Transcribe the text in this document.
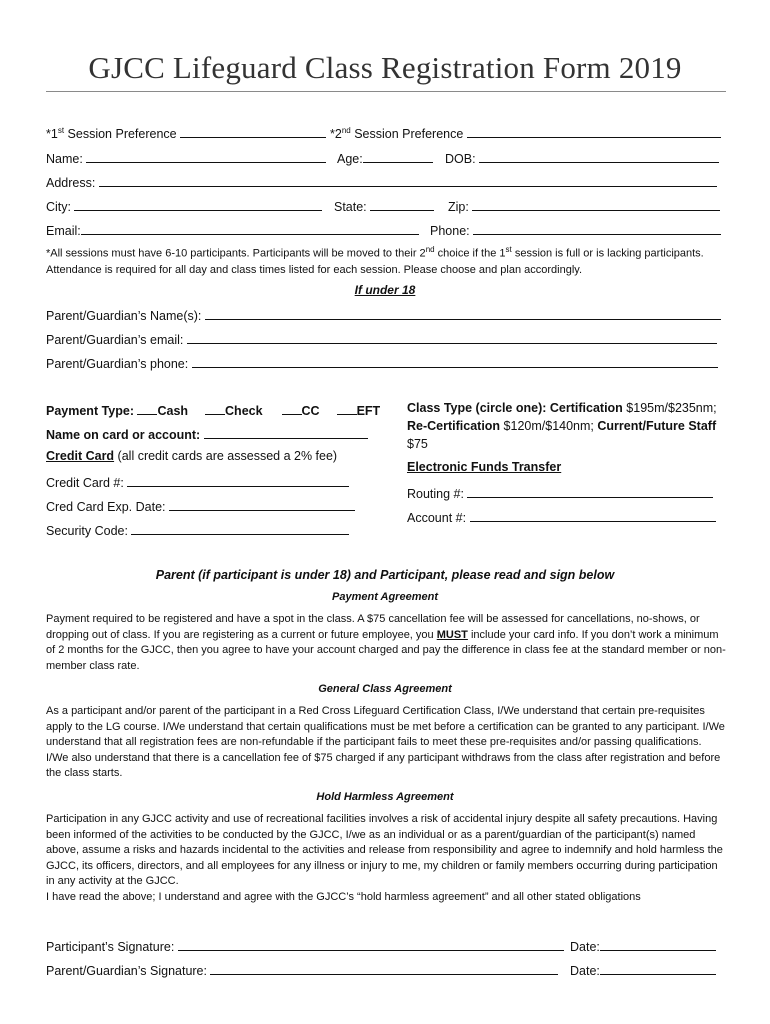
GJCC Lifeguard Class Registration Form 2019
*1st Session Preference	*2nd Session Preference
Name:	Age:	DOB:
Address:
City:	State:	Zip:
Email:	Phone:
*All sessions must have 6-10 participants. Participants will be moved to their 2nd choice if the 1st session is full or is lacking participants. Attendance is required for all day and class times listed for each session. Please choose and plan accordingly.
If under 18
Parent/Guardian’s Name(s):
Parent/Guardian’s email:
Parent/Guardian’s phone:
Payment Type: Cash	Check	CC	EFT
Name on card or account:
Credit Card (all credit cards are assessed a 2% fee)
Credit Card #:
Cred Card Exp. Date:
Security Code:
Class Type (circle one): Certification $195m/$235nm; Re-Certification $120m/$140nm; Current/Future Staff
$75
Electronic Funds Transfer
Routing #:
Account #:
Parent (if participant is under 18) and Participant, please read and sign below
Payment Agreement
Payment required to be registered and have a spot in the class. A $75 cancellation fee will be assessed for cancellations, no-shows, or dropping out of class. If you are registering as a current or future employee, you MUST include your card info. If you don’t work a minimum of 2 months for the GJCC, then you agree to have your account charged and pay the difference in class fee at the standard member or non-member class rate.
General Class Agreement
As a participant and/or parent of the participant in a Red Cross Lifeguard Certification Class, I/We understand that certain pre-requisites apply to the LG course. I/We understand that certain qualifications must be met before a certification can be granted to any participant. I/We understand that all registration fees are non-refundable if the participant fails to meet these pre-requisites and/or passing qualifications. I/We also understand that there is a cancellation fee of $75 charged if any participant withdraws from the class after registration and before the class starts.
Hold Harmless Agreement
Participation in any GJCC activity and use of recreational facilities involves a risk of accidental injury despite all safety precautions. Having been informed of the activities to be conducted by the GJCC, I/we as an individual or as a parent/guardian of the participant(s) named above, assume a risks and hazards incidental to the activities and release from responsibility and agree to indemnify and hold harmless the GJCC, its officers, directors, and all employees for any illness or injury to me, my children or family members occurring during participation in any activity at the GJCC.
I have read the above; I understand and agree with the GJCC’s “hold harmless agreement” and all other stated obligations
Participant’s Signature:	Date:
Parent/Guardian’s Signature:	Date:
